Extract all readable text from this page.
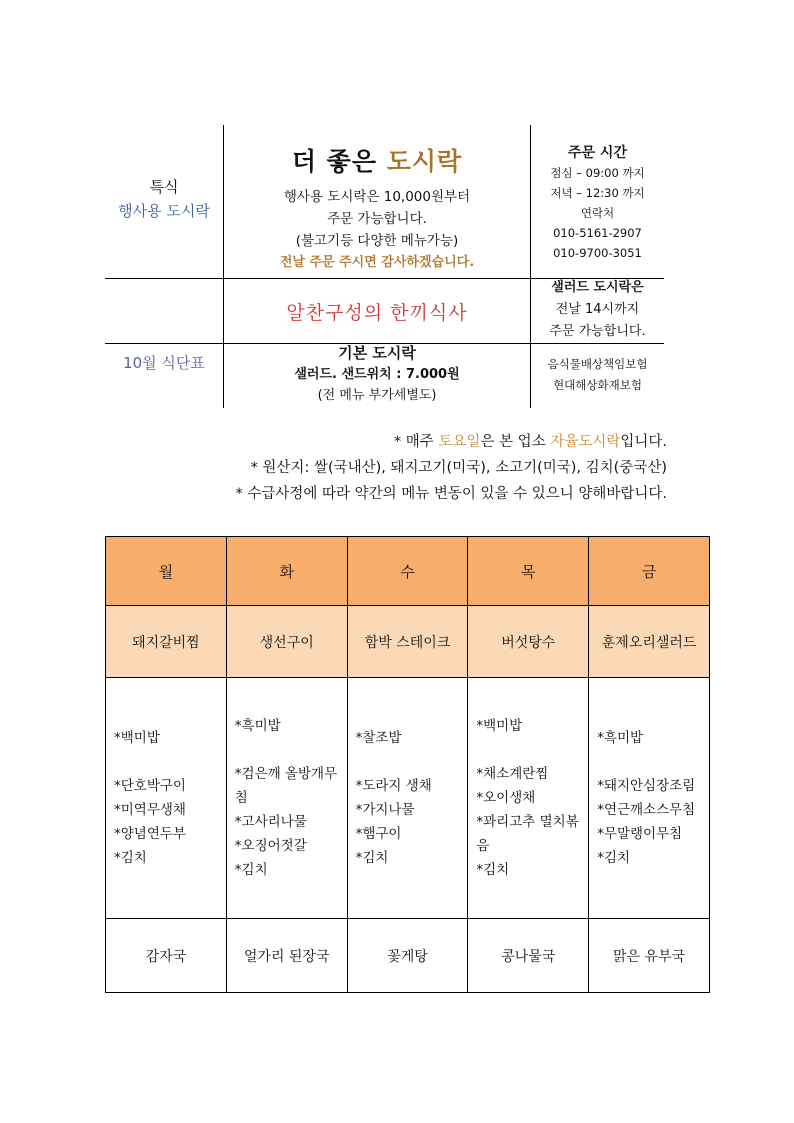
특식
행사용 도시락
10월 식단표
더 좋은 도시락
행사용 도시락은 10,000원부터
주문 가능합니다.
(불고기등 다양한 메뉴가능)
전날 주문 주시면 감사하겠습니다.
알찬구성의 한끼식사
기본 도시락
샐러드. 샌드위치 : 7.000원
(전 메뉴 부가세별도)
주문 시간
점심 – 09:00 까지
저녁 – 12:30 까지
연락처
010-5161-2907
010-9700-3051
샐러드 도시락은
전날 14시까지
주문 가능합니다.
음식물배상책임보험
현대해상화재보험
* 매주 토요일은 본 업소 자율도시락입니다.
* 원산지: 쌀(국내산), 돼지고기(미국), 소고기(미국), 김치(중국산)
* 수급사정에 따라 약간의 메뉴 변동이 있을 수 있으니 양해바랍니다.
월	화	수	목	금
돼지갈비찜	생선구이	함박 스테이크	버섯탕수	훈제오리샐러드

*백미밥
*단호박구이
*미역무생채
*양념연두부
*김치	*흑미밥
*검은깨 올방개무침
*고사리나물
*오징어젓갈
*김치	*찰조밥
*도라지 생채
*가지나물
*햄구이
*김치	*백미밥
*채소계란찜
*오이생채
*꽈리고추 멸치볶음
*김치	*흑미밥
*돼지안심장조림
*연근깨소스무침
*무말랭이무침
*김치

감자국	얼가리 된장국	꽃게탕	콩나물국	맑은 유부국
